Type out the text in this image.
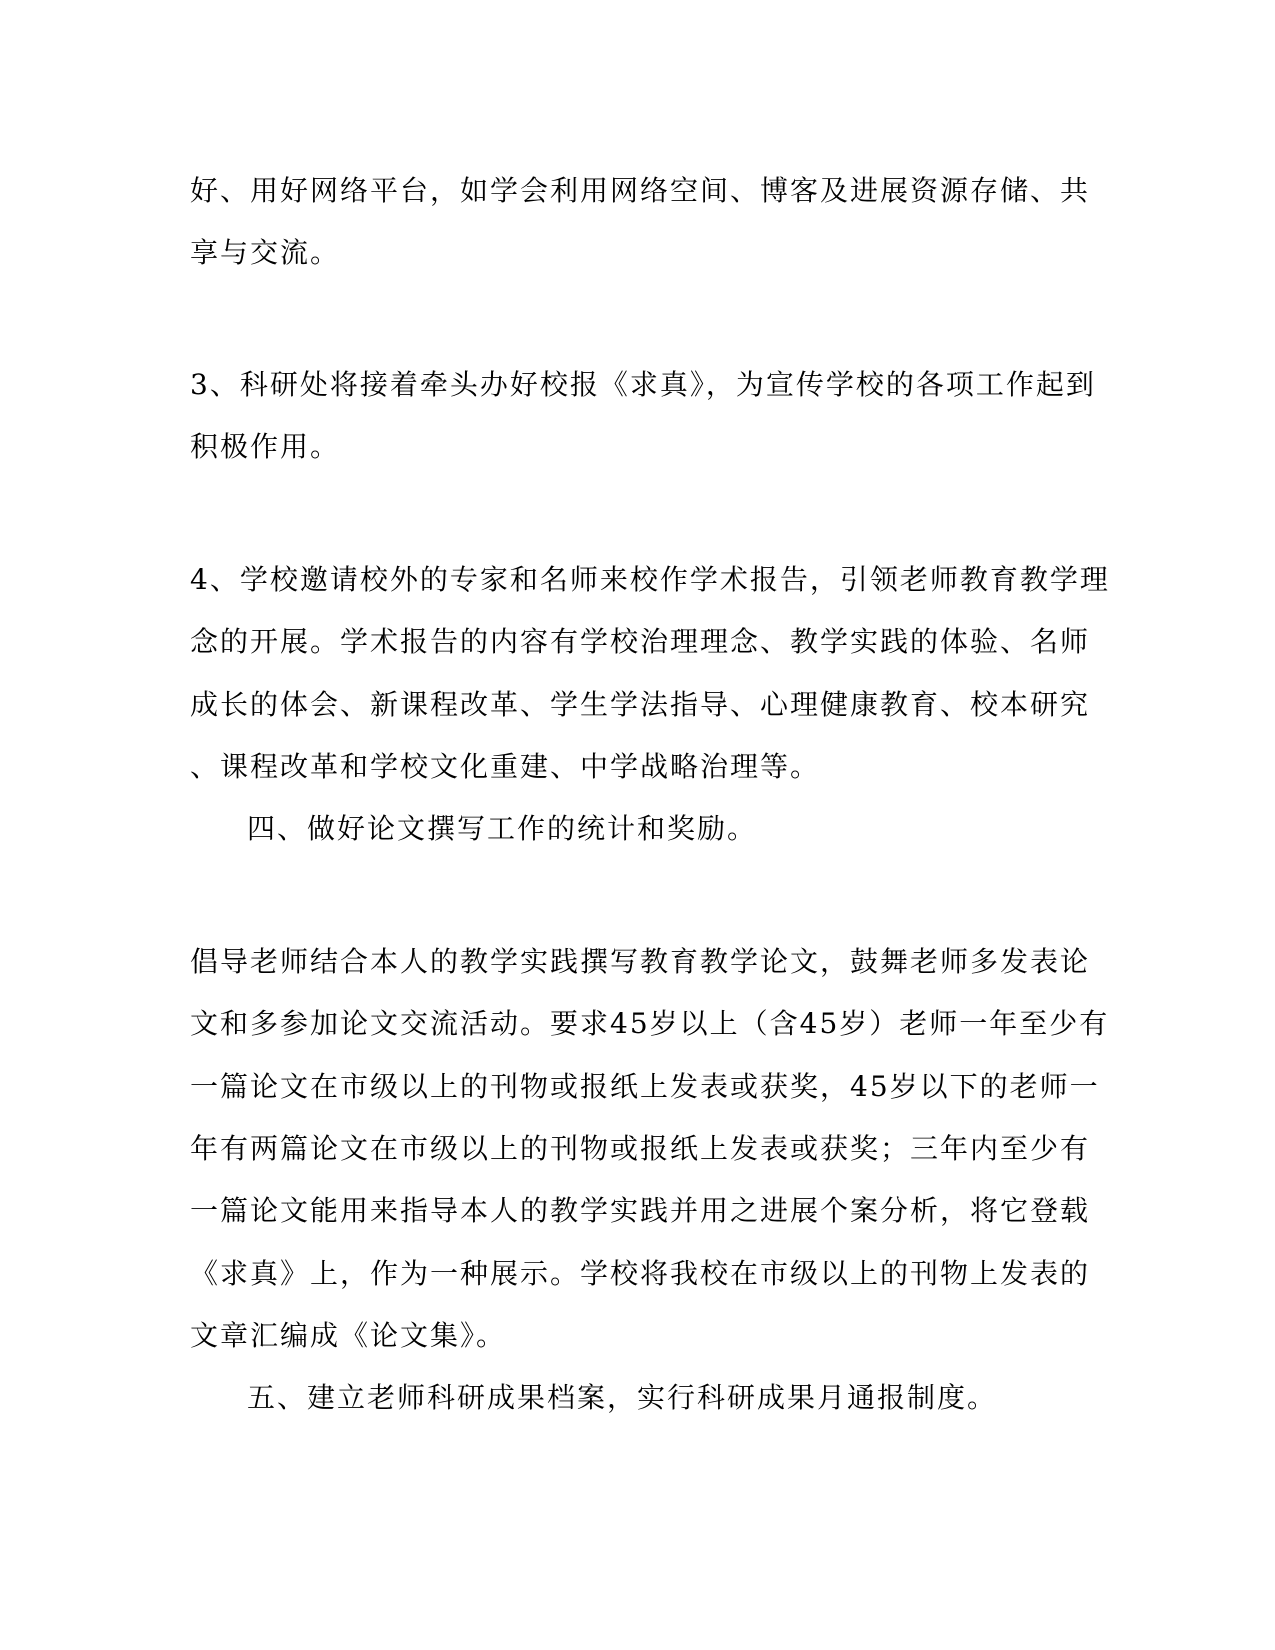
好、用好网络平台，如学会利用网络空间、博客及进展资源存储、共
享与交流。
3、科研处将接着牵头办好校报《求真》，为宣传学校的各项工作起到
积极作用。
4、学校邀请校外的专家和名师来校作学术报告，引领老师教育教学理
念的开展。学术报告的内容有学校治理理念、教学实践的体验、名师
成长的体会、新课程改革、学生学法指导、心理健康教育、校本研究
、课程改革和学校文化重建、中学战略治理等。
四、做好论文撰写工作的统计和奖励。
倡导老师结合本人的教学实践撰写教育教学论文，鼓舞老师多发表论
文和多参加论文交流活动。要求45岁以上（含45岁）老师一年至少有
一篇论文在市级以上的刊物或报纸上发表或获奖，45岁以下的老师一
年有两篇论文在市级以上的刊物或报纸上发表或获奖；三年内至少有
一篇论文能用来指导本人的教学实践并用之进展个案分析，将它登载
《求真》上，作为一种展示。学校将我校在市级以上的刊物上发表的
文章汇编成《论文集》。
五、建立老师科研成果档案，实行科研成果月通报制度。
